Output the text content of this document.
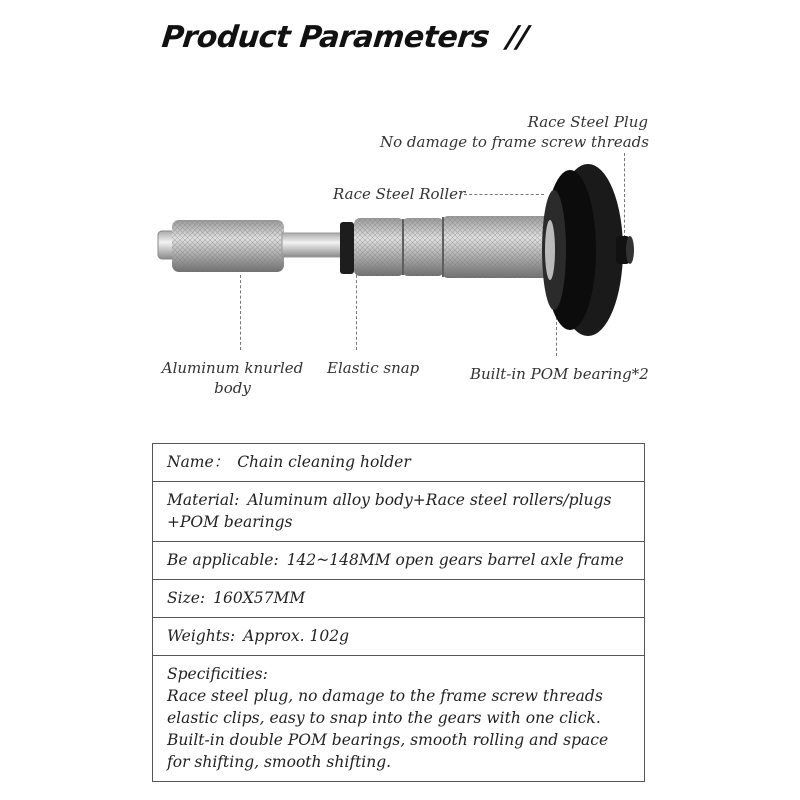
Product Parameters //
Race Steel Plug
No damage to frame screw threads
Race Steel Roller
Aluminum knurled
body
Elastic snap	Built-in POM bearing*2
Name： Chain cleaning holder
Material: Aluminum alloy body+Race steel rollers/plugs
+POM bearings
Be applicable: 142~148MM open gears barrel axle frame
Size: 160X57MM
Weights: Approx. 102g

Specificities:
Race steel plug, no damage to the frame screw threads
elastic clips, easy to snap into the gears with one click.
Built-in double POM bearings, smooth rolling and space
for shifting, smooth shifting.
